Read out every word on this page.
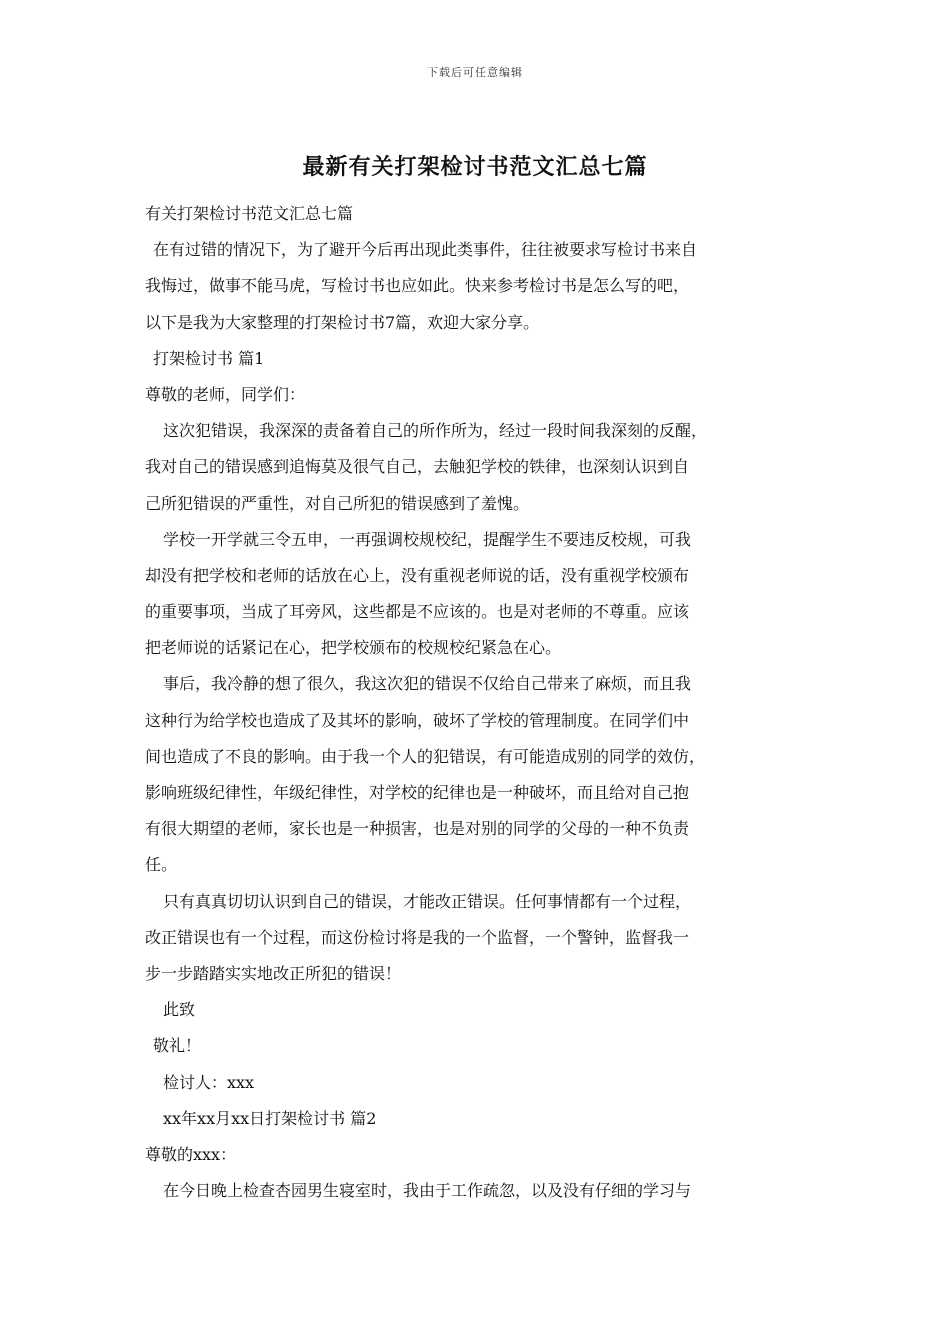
下载后可任意编辑
最新有关打架检讨书范文汇总七篇
有关打架检讨书范文汇总七篇
在有过错的情况下，为了避开今后再出现此类事件，往往被要求写检讨书来自
我悔过，做事不能马虎，写检讨书也应如此。快来参考检讨书是怎么写的吧，
以下是我为大家整理的打架检讨书7篇，欢迎大家分享。
打架检讨书 篇1
尊敬的老师，同学们：
这次犯错误，我深深的责备着自己的所作所为，经过一段时间我深刻的反醒，
我对自己的错误感到追悔莫及很气自己，去触犯学校的铁律，也深刻认识到自
己所犯错误的严重性，对自己所犯的错误感到了羞愧。
学校一开学就三令五申，一再强调校规校纪，提醒学生不要违反校规，可我
却没有把学校和老师的话放在心上，没有重视老师说的话，没有重视学校颁布
的重要事项，当成了耳旁风，这些都是不应该的。也是对老师的不尊重。应该
把老师说的话紧记在心，把学校颁布的校规校纪紧急在心。
事后，我冷静的想了很久，我这次犯的错误不仅给自己带来了麻烦，而且我
这种行为给学校也造成了及其坏的影响，破坏了学校的管理制度。在同学们中
间也造成了不良的影响。由于我一个人的犯错误，有可能造成别的同学的效仿，
影响班级纪律性，年级纪律性，对学校的纪律也是一种破坏，而且给对自己抱
有很大期望的老师，家长也是一种损害，也是对别的同学的父母的一种不负责
任。
只有真真切切认识到自己的错误，才能改正错误。任何事情都有一个过程，
改正错误也有一个过程，而这份检讨将是我的一个监督，一个警钟，监督我一
步一步踏踏实实地改正所犯的错误！
此致
敬礼！
检讨人：xxx
xx年xx月xx日打架检讨书 篇2
尊敬的xxx：
在今日晚上检查杏园男生寝室时，我由于工作疏忽，以及没有仔细的学习与
